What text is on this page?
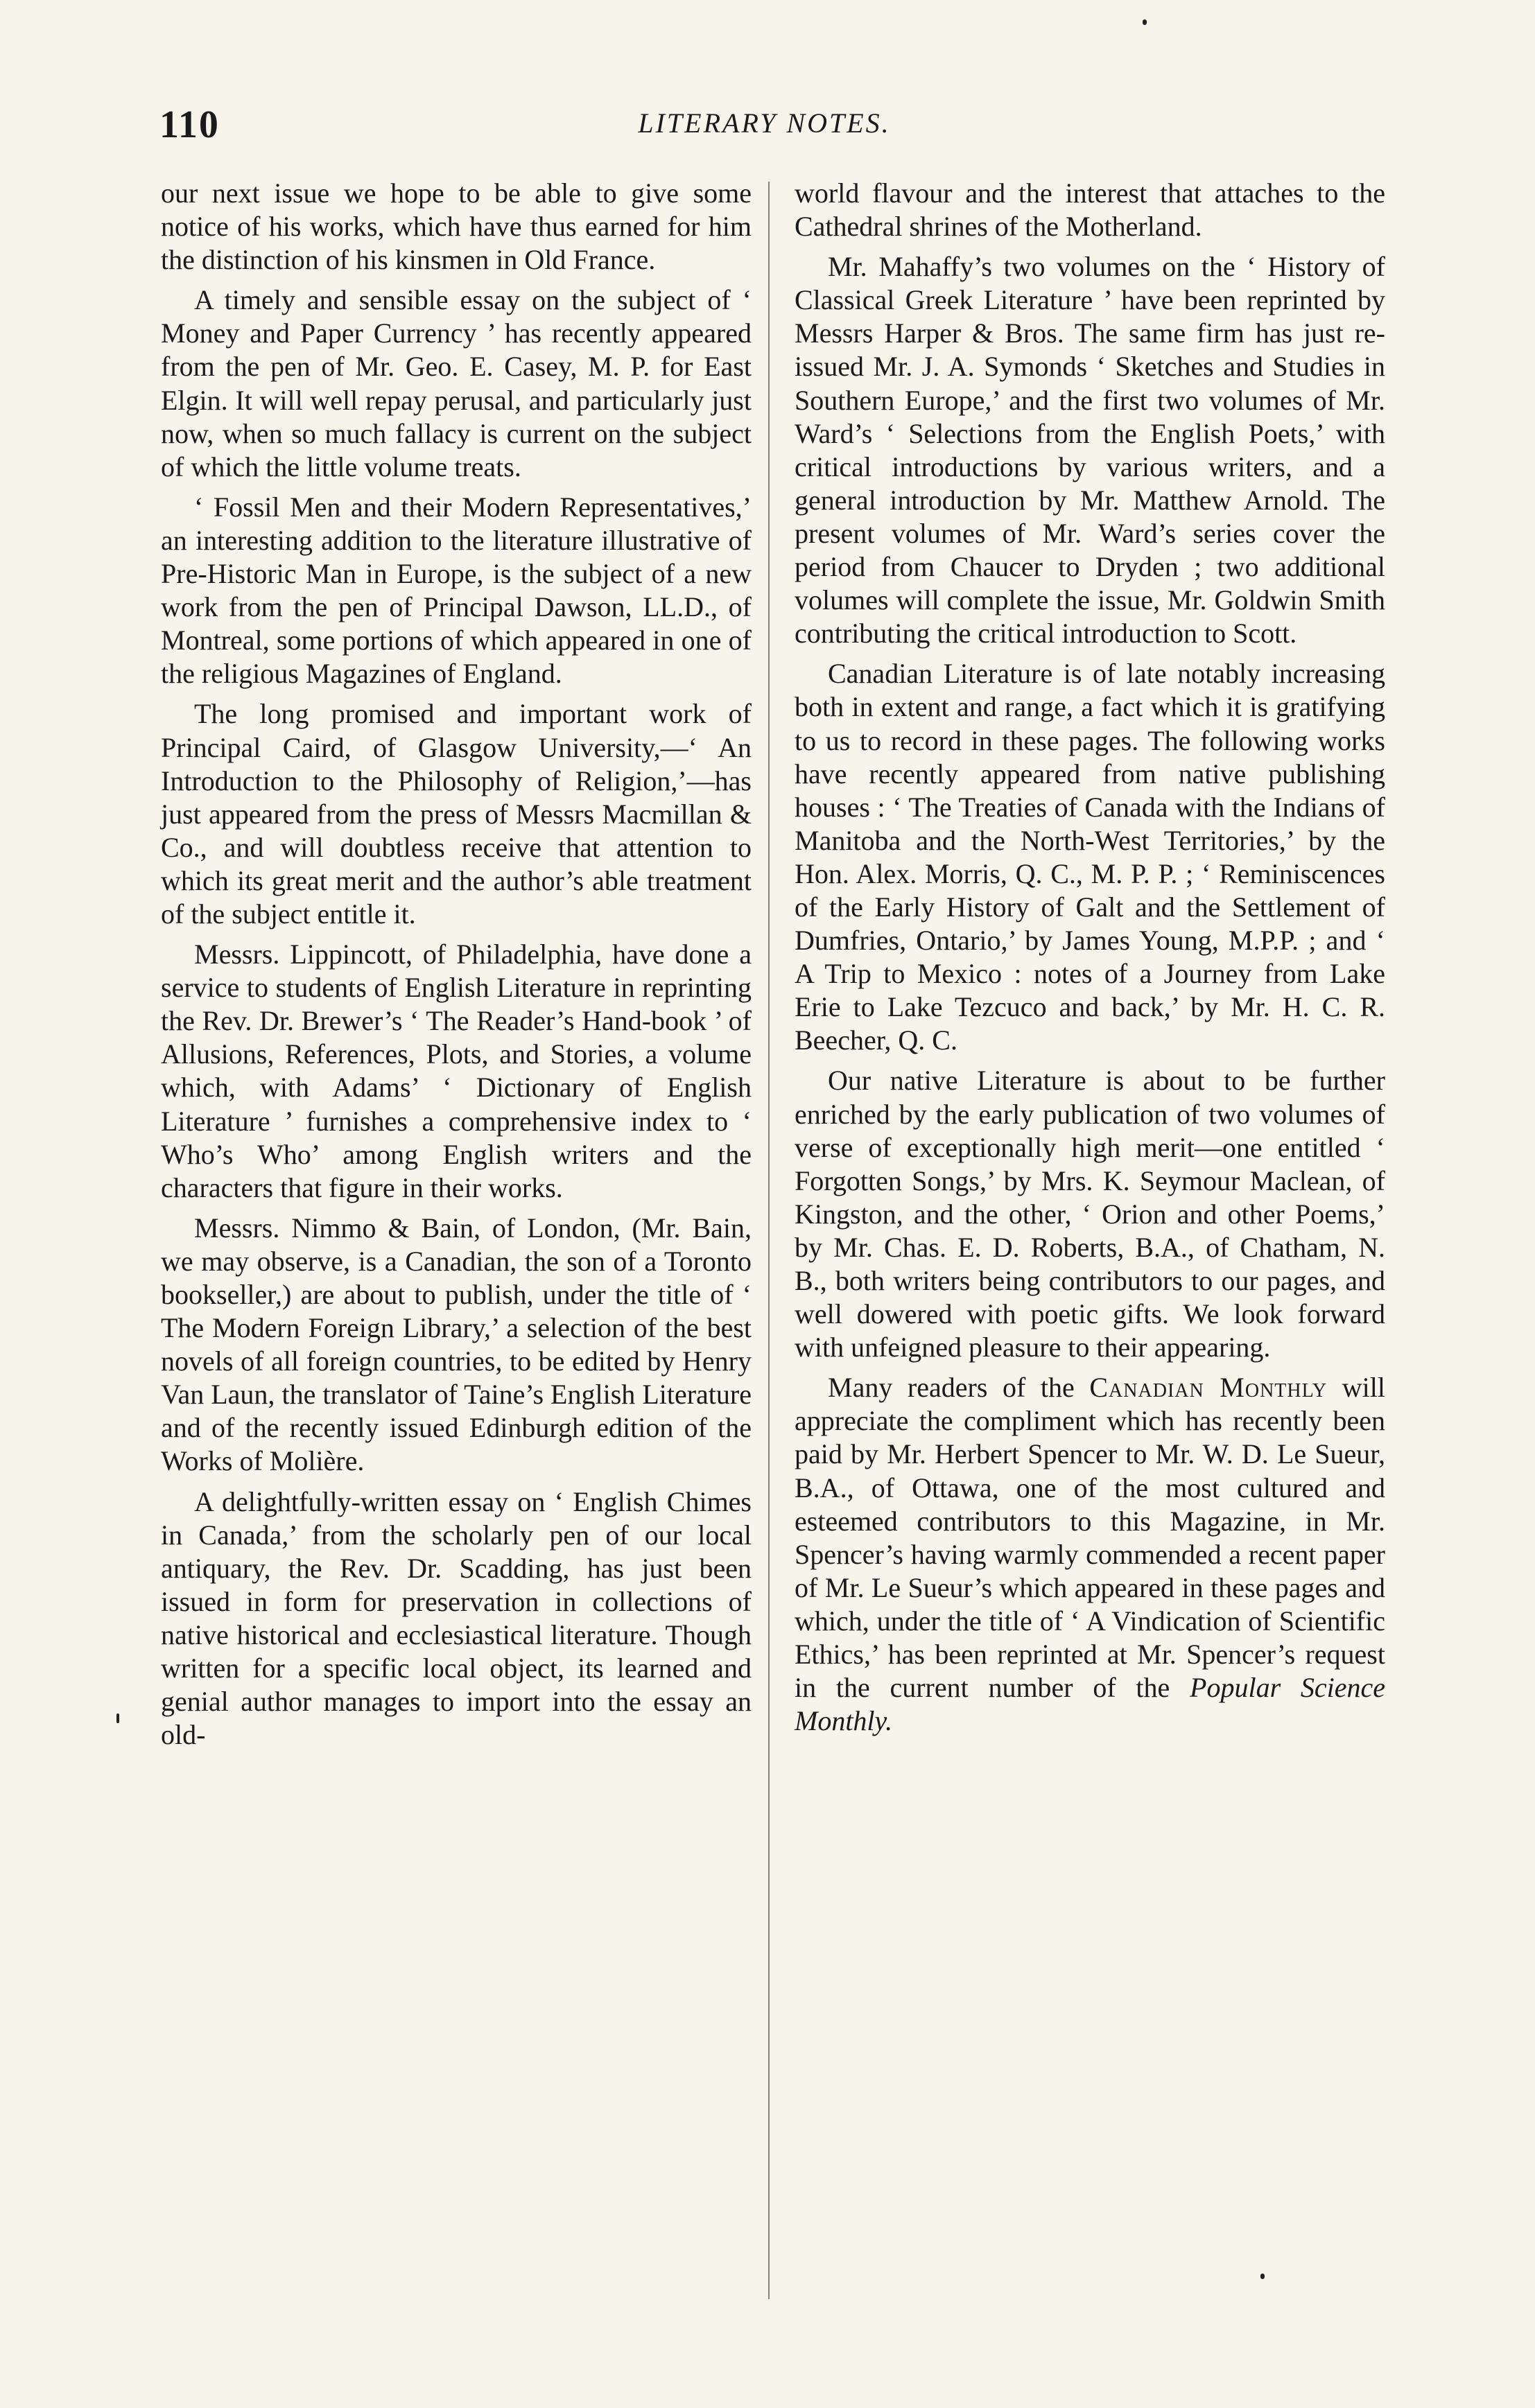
110	LITERARY NOTES.

our next issue we hope to be able to give some notice of his works, which have thus earned for him the distinction of his kinsmen in Old France.

A timely and sensible essay on the subject of ‘ Money and Paper Currency ’ has recently appeared from the pen of Mr. Geo. E. Casey, M. P. for East Elgin. It will well repay perusal, and particularly just now, when so much fallacy is current on the subject of which the little volume treats.

‘ Fossil Men and their Modern Representatives,’ an interesting addition to the literature illustrative of Pre-Historic Man in Europe, is the subject of a new work from the pen of Principal Dawson, LL.D., of Montreal, some portions of which appeared in one of the religious Magazines of England.

The long promised and important work of Principal Caird, of Glasgow University,—‘ An Introduction to the Philosophy of Religion,’—has just appeared from the press of Messrs Macmillan & Co., and will doubtless receive that attention to which its great merit and the author’s able treatment of the subject entitle it.

Messrs. Lippincott, of Philadelphia, have done a service to students of English Literature in reprinting the Rev. Dr. Brewer’s ‘ The Reader’s Hand-book ’ of Allusions, References, Plots, and Stories, a volume which, with Adams’ ‘ Dictionary of English Literature ’ furnishes a comprehensive index to ‘ Who’s Who’ among English writers and the characters that figure in their works.

Messrs. Nimmo & Bain, of London, (Mr. Bain, we may observe, is a Canadian, the son of a Toronto bookseller,) are about to publish, under the title of ‘ The Modern Foreign Library,’ a selection of the best novels of all foreign countries, to be edited by Henry Van Laun, the translator of Taine’s English Literature and of the recently issued Edinburgh edition of the Works of Molière.

A delightfully-written essay on ‘ English Chimes in Canada,’ from the scholarly pen of our local antiquary, the Rev. Dr. Scadding, has just been issued in form for preservation in collections of native historical and ecclesiastical literature. Though written for a specific local object, its learned and genial author manages to import into the essay an old-

world flavour and the interest that attaches to the Cathedral shrines of the Motherland.

Mr. Mahaffy’s two volumes on the ‘ History of Classical Greek Literature ’ have been reprinted by Messrs Harper & Bros. The same firm has just re-issued Mr. J. A. Symonds ‘ Sketches and Studies in Southern Europe,’ and the first two volumes of Mr. Ward’s ‘ Selections from the English Poets,’ with critical introductions by various writers, and a general introduction by Mr. Matthew Arnold. The present volumes of Mr. Ward’s series cover the period from Chaucer to Dryden ; two additional volumes will complete the issue, Mr. Goldwin Smith contributing the critical introduction to Scott.

Canadian Literature is of late notably increasing both in extent and range, a fact which it is gratifying to us to record in these pages. The following works have recently appeared from native publishing houses : ‘ The Treaties of Canada with the Indians of Manitoba and the North-West Territories,’ by the Hon. Alex. Morris, Q. C., M. P. P. ; ‘ Reminiscences of the Early History of Galt and the Settlement of Dumfries, Ontario,’ by James Young, M.P.P. ; and ‘ A Trip to Mexico : notes of a Journey from Lake Erie to Lake Tezcuco and back,’ by Mr. H. C. R. Beecher, Q. C.

Our native Literature is about to be further enriched by the early publication of two volumes of verse of exceptionally high merit—one entitled ‘ Forgotten Songs,’ by Mrs. K. Seymour Maclean, of Kingston, and the other, ‘ Orion and other Poems,’ by Mr. Chas. E. D. Roberts, B.A., of Chatham, N. B., both writers being contributors to our pages, and well dowered with poetic gifts. We look forward with unfeigned pleasure to their appearing.

Many readers of the Canadian Monthly will appreciate the compliment which has recently been paid by Mr. Herbert Spencer to Mr. W. D. Le Sueur, B.A., of Ottawa, one of the most cultured and esteemed contributors to this Magazine, in Mr. Spencer’s having warmly commended a recent paper of Mr. Le Sueur’s which appeared in these pages and which, under the title of ‘ A Vindication of Scientific Ethics,’ has been reprinted at Mr. Spencer’s request in the current number of the Popular Science Monthly.
